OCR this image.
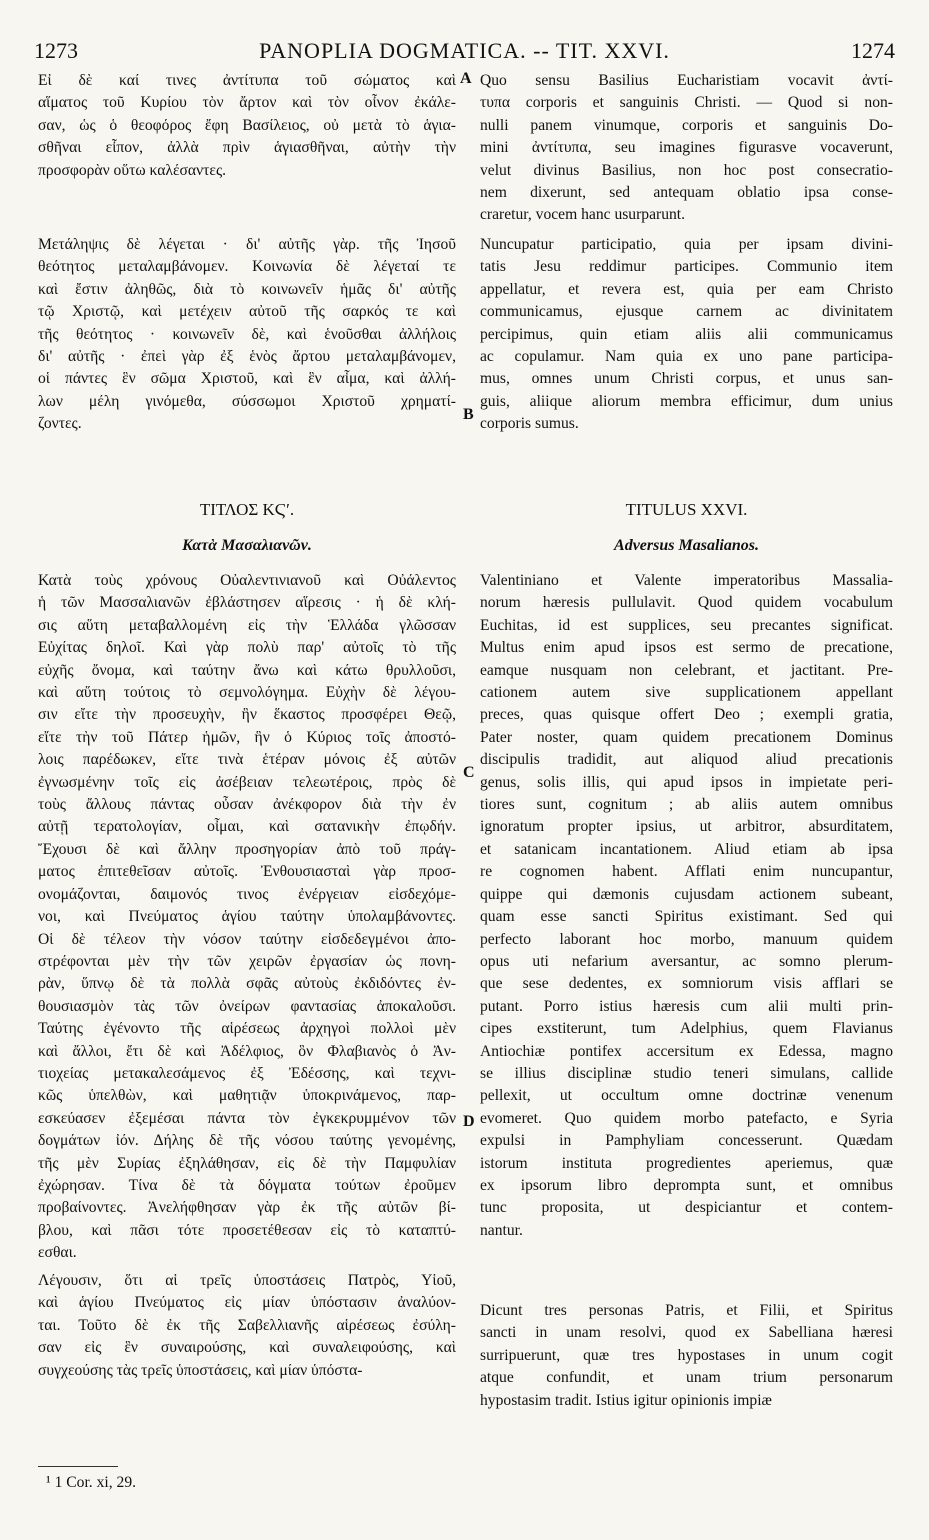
1273	PANOPLIA DOGMATICA. -- TIT. XXVI.	1274
Εἰ δὲ καί τινες ἀντίτυπα τοῦ σώματος καὶ
αἵματος τοῦ Κυρίου τὸν ἄρτον καὶ τὸν οἶνον ἐκάλε-
σαν, ὡς ὁ θεοφόρος ἔφη Βασίλειος, οὐ μετὰ τὸ ἁγια-
σθῆναι εἶπον, ἀλλὰ πρὶν ἁγιασθῆναι, αὐτὴν τὴν
προσφορὰν οὕτω καλέσαντες.
Μετάληψις δὲ λέγεται · δι' αὐτῆς γὰρ. τῆς Ἰησοῦ
θεότητος μεταλαμβάνομεν. Κοινωνία δὲ λέγεταί τε
καὶ ἔστιν ἀληθῶς, διὰ τὸ κοινωνεῖν ἡμᾶς δι' αὐτῆς
τῷ Χριστῷ, καὶ μετέχειν αὐτοῦ τῆς σαρκός τε καὶ
τῆς θεότητος · κοινωνεῖν δὲ, καὶ ἑνοῦσθαι ἀλλήλοις
δι' αὐτῆς · ἐπεὶ γὰρ ἐξ ἑνὸς ἄρτου μεταλαμβάνομεν,
οἱ πάντες ἓν σῶμα Χριστοῦ, καὶ ἓν αἷμα, καὶ ἀλλή-
λων μέλη γινόμεθα, σύσσωμοι Χριστοῦ χρηματί-
ζοντες.
Quo sensu Basilius Eucharistiam vocavit ἀντί-
τυπα corporis et sanguinis Christi. — Quod si non-
nulli panem vinumque, corporis et sanguinis Do-
mini ἀντίτυπα, seu imagines figurasve vocaverunt,
velut divinus Basilius, non hoc post consecratio-
nem dixerunt, sed antequam oblatio ipsa conse-
craretur, vocem hanc usurparunt.
Nuncupatur participatio, quia per ipsam divini-
tatis Jesu reddimur participes. Communio item
appellatur, et revera est, quia per eam Christo
communicamus, ejusque carnem ac divinitatem
percipimus, quin etiam aliis alii communicamus
ac copulamur. Nam quia ex uno pane participa-
mus, omnes unum Christi corpus, et unus san-
guis, aliique aliorum membra efficimur, dum unius
corporis sumus.
A
B
ΤΙΤΛΟΣ ΚϚʹ.
Κατὰ Μασαλιανῶν.
TITULUS XXVI.
Adversus Masalianos.
Κατὰ τοὺς χρόνους Οὐαλεντινιανοῦ καὶ Οὐάλεντος
ἡ τῶν Μασσαλιανῶν ἐβλάστησεν αἵρεσις · ἡ δὲ κλή-
σις αὕτη μεταβαλλομένη εἰς τὴν Ἑλλάδα γλῶσσαν
Εὐχίτας δηλοῖ. Καὶ γὰρ πολὺ παρ' αὐτοῖς τὸ τῆς
εὐχῆς ὄνομα, καὶ ταύτην ἄνω καὶ κάτω θρυλλοῦσι,
καὶ αὕτη τούτοις τὸ σεμνολόγημα. Εὐχὴν δὲ λέγου-
σιν εἴτε τὴν προσευχὴν, ἣν ἕκαστος προσφέρει Θεῷ,
εἴτε τὴν τοῦ Πάτερ ἡμῶν, ἣν ὁ Κύριος τοῖς ἀποστό-
λοις παρέδωκεν, εἴτε τινὰ ἑτέραν μόνοις ἐξ αὐτῶν
ἐγνωσμένην τοῖς εἰς ἀσέβειαν τελεωτέροις, πρὸς δὲ
τοὺς ἄλλους πάντας οὖσαν ἀνέκφορον διὰ τὴν ἐν
αὐτῇ τερατολογίαν, οἶμαι, καὶ σατανικὴν ἐπῳδήν.
Ἔχουσι δὲ καὶ ἄλλην προσηγορίαν ἀπὸ τοῦ πράγ-
ματος ἐπιτεθεῖσαν αὐτοῖς. Ἐνθουσιασταὶ γὰρ προσ-
ονομάζονται, δαιμονός τινος ἐνέργειαν εἰσδεχόμε-
νοι, καὶ Πνεύματος ἁγίου ταύτην ὑπολαμβάνοντες.
Οἱ δὲ τέλεον τὴν νόσον ταύτην εἰσδεδεγμένοι ἀπο-
στρέφονται μὲν τὴν τῶν χειρῶν ἐργασίαν ὡς πονη-
ρὰν, ὕπνῳ δὲ τὰ πολλὰ σφᾶς αὐτοὺς ἐκδιδόντες ἐν-
θουσιασμὸν τὰς τῶν ὀνείρων φαντασίας ἀποκαλοῦσι.
Ταύτης ἐγένοντο τῆς αἱρέσεως ἀρχηγοὶ πολλοὶ μὲν
καὶ ἄλλοι, ἔτι δὲ καὶ Ἀδέλφιος, ὃν Φλαβιανὸς ὁ Ἀν-
τιοχείας μετακαλεσάμενος ἐξ Ἐδέσσης, καὶ τεχνι-
κῶς ὑπελθὼν, καὶ μαθητιᾷν ὑποκρινάμενος, παρ-
εσκεύασεν ἐξεμέσαι πάντα τὸν ἐγκεκρυμμένον τῶν
δογμάτων ἰόν. Δήλης δὲ τῆς νόσου ταύτης γενομένης,
τῆς μὲν Συρίας ἐξηλάθησαν, εἰς δὲ τὴν Παμφυλίαν
ἐχώρησαν. Τίνα δὲ τὰ δόγματα τούτων ἐροῦμεν
προβαίνοντες. Ἀνελήφθησαν γὰρ ἐκ τῆς αὐτῶν βί-
βλου, καὶ πᾶσι τότε προσετέθεσαν εἰς τὸ καταπτύ-
εσθαι.
Λέγουσιν, ὅτι αἱ τρεῖς ὑποστάσεις Πατρὸς, Υἱοῦ,
καὶ ἁγίου Πνεύματος εἰς μίαν ὑπόστασιν ἀναλύον-
ται. Τοῦτο δὲ ἐκ τῆς Σαβελλιανῆς αἱρέσεως ἐσύλη-
σαν εἰς ἓν συναιρούσης, καὶ συναλειφούσης, καὶ
συγχεούσης τὰς τρεῖς ὑποστάσεις, καὶ μίαν ὑπόστα-
Valentiniano et Valente imperatoribus Massalia-
norum hæresis pullulavit. Quod quidem vocabulum
Euchitas, id est supplices, seu precantes significat.
Multus enim apud ipsos est sermo de precatione,
eamque nusquam non celebrant, et jactitant. Pre-
cationem autem sive supplicationem appellant
preces, quas quisque offert Deo ; exempli gratia,
Pater noster, quam quidem precationem Dominus
discipulis tradidit, aut aliquod aliud precationis
genus, solis illis, qui apud ipsos in impietate peri-
tiores sunt, cognitum ; ab aliis autem omnibus
ignoratum propter ipsius, ut arbitror, absurditatem,
et satanicam incantationem. Aliud etiam ab ipsa
re cognomen habent. Afflati enim nuncupantur,
quippe qui dæmonis cujusdam actionem subeant,
quam esse sancti Spiritus existimant. Sed qui
perfecto laborant hoc morbo, manuum quidem
opus uti nefarium aversantur, ac somno plerum-
que sese dedentes, ex somniorum visis afflari se
putant. Porro istius hæresis cum alii multi prin-
cipes exstiterunt, tum Adelphius, quem Flavianus
Antiochiæ pontifex accersitum ex Edessa, magno
se illius disciplinæ studio teneri simulans, callide
pellexit, ut occultum omne doctrinæ venenum
evomeret. Quo quidem morbo patefacto, e Syria
expulsi in Pamphyliam concesserunt. Quædam
istorum instituta progredientes aperiemus, quæ
ex ipsorum libro deprompta sunt, et omnibus
tunc proposita, ut despiciantur et contem-
nantur.
Dicunt tres personas Patris, et Filii, et Spiritus
sancti in unam resolvi, quod ex Sabelliana hæresi
surripuerunt, quæ tres hypostases in unum cogit
atque confundit, et unam trium personarum
hypostasim tradit. Istius igitur opinionis impiæ
C
D
¹ 1 Cor. xi, 29.
